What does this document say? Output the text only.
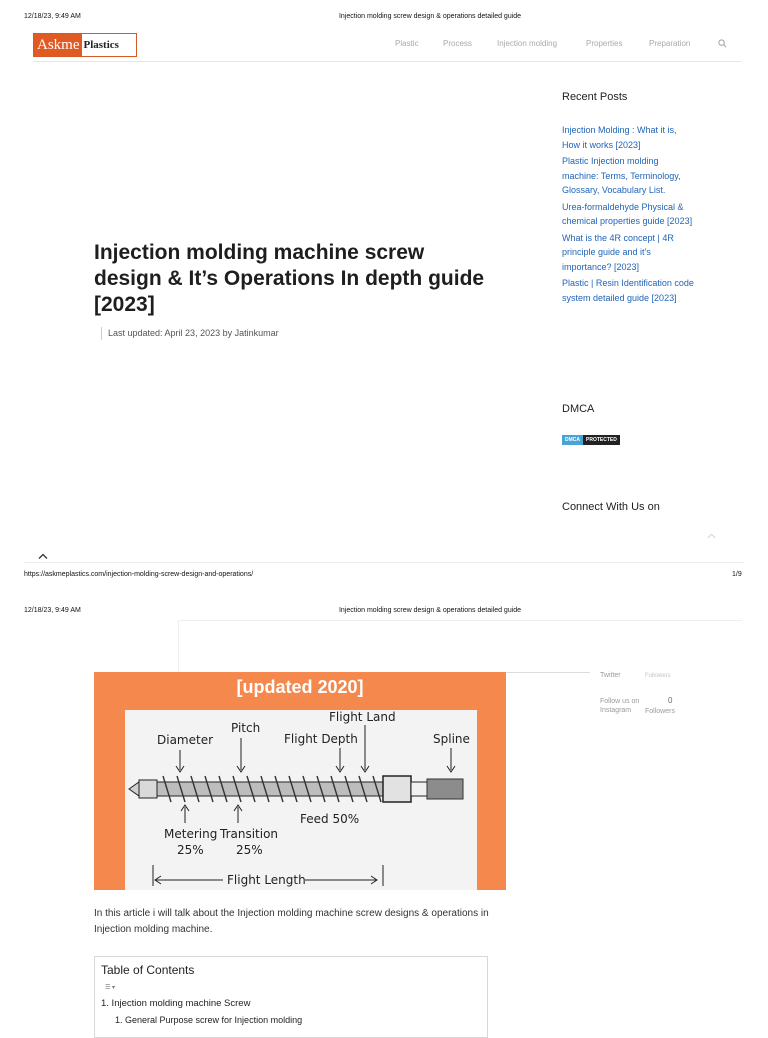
12/18/23, 9:49 AM	Injection molding screw design & operations detailed guide
Askme Plastics	Plastic	Process	Injection molding	Properties	Preparation
Injection molding machine screw design & It’s Operations In depth guide [2023]
Last updated: April 23, 2023 by Jatinkumar
Recent Posts
Injection Molding : What it is, How it works [2023]
Plastic Injection molding machine: Terms, Terminology, Glossary, Vocabulary List.
Urea-formaldehyde Physical & chemical properties guide [2023]
What is the 4R concept | 4R principle guide and it’s importance? [2023]
Plastic | Resin Identification code system detailed guide [2023]
DMCA
DMCA	PROTECTED
Connect With Us on
https://askmeplastics.com/injection-molding-screw-design-and-operations/	1/9
12/18/23, 9:49 AM	Injection molding screw design & operations detailed guide
Twitter	Followers
Follow us on Instagram
0
Followers
[updated 2020]
Diameter
Pitch
Flight Land
Flight Depth	Spline
Metering
25%
Transition
25%
Feed 50%
Flight Length
In this article i will talk about the Injection molding machine screw designs & operations in Injection molding machine.
Table of Contents
☰ ▾
1. Injection molding machine Screw
1. General Purpose screw for Injection molding
